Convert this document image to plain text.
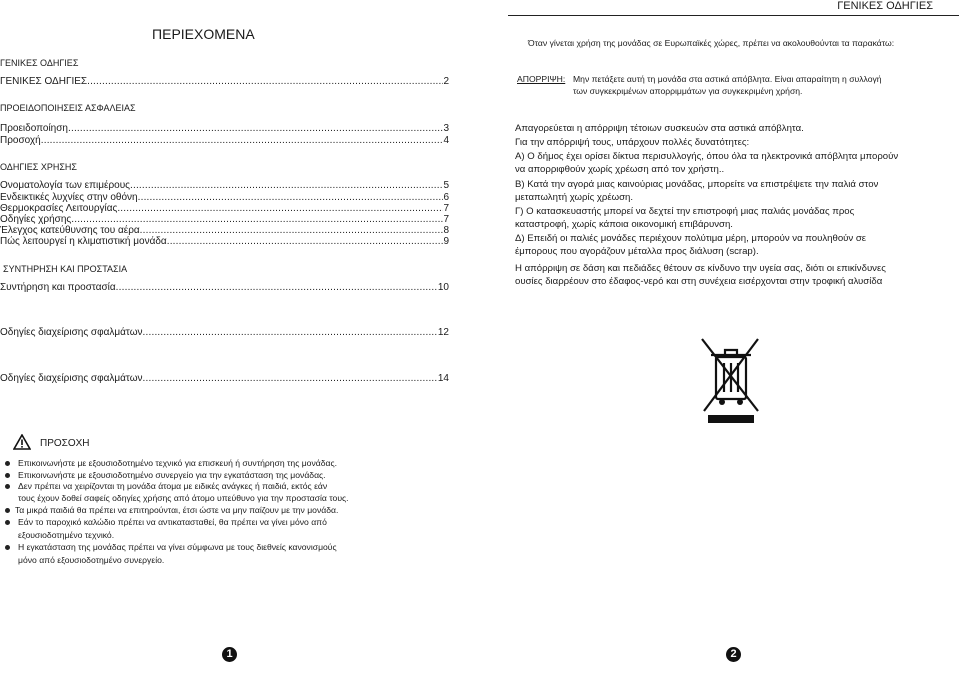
ΠΕΡΙΕΧΟΜΕΝΑ
ΓΕΝΙΚΕΣ ΟΔΗΓΙΕΣ
ΓΕΝΙΚΕΣ ΟΔΗΓΙΕΣ .....	2
ΠΡΟΕΙΔΟΠΟΙΗΣΕΙΣ ΑΣΦΑΛΕΙΑΣ
Προειδοποίηση .....	3
Προσοχή .....	4
ΟΔΗΓΙΕΣ ΧΡΗΣΗΣ
Ονοματολογία των επιμέρους .....	5
Ενδεικτικές λυχνίες στην οθόνη .....	6
Θερμοκρασίες Λειτουργίας .....	7
Οδηγίες χρήσης .....	7
Έλεγχος κατεύθυνσης του αέρα .....	8
Πώς λειτουργεί η κλιματιστική μονάδα .....	9
ΣΥΝΤΗΡΗΣΗ ΚΑΙ ΠΡΟΣΤΑΣΙΑ
Συντήρηση και προστασία .....	10
Οδηγίες διαχείρισης σφαλμάτων .....	12
Οδηγίες διαχείρισης σφαλμάτων .....	14
ΠΡΟΣΟΧΗ
Επικοινωνήστε με εξουσιοδοτημένο τεχνικό για επισκευή ή συντήρηση της μονάδας.
Επικοινωνήστε με εξουσιοδοτημένο συνεργείο για την εγκατάσταση της μονάδας.
Δεν πρέπει να χειρίζονται τη μονάδα άτομα με ειδικές ανάγκες ή παιδιά, εκτός εάν
τους έχουν δοθεί σαφείς οδηγίες χρήσης από άτομο υπεύθυνο για την προστασία τους.
Τα μικρά παιδιά θα πρέπει να επιτηρούνται, έτσι ώστε να μην παίζουν με την μονάδα.
Εάν το παροχικό καλώδιο πρέπει να αντικατασταθεί, θα πρέπει να γίνει μόνο από
εξουσιοδοτημένο τεχνικό.
Η εγκατάσταση της μονάδας πρέπει να γίνει σύμφωνα με τους διεθνείς κανονισμούς
μόνο από εξουσιοδοτημένο συνεργείο.
1
ΓΕΝΙΚΕΣ ΟΔΗΓΙΕΣ
Όταν γίνεται χρήση της μονάδας σε Ευρωπαϊκές χώρες, πρέπει να ακολουθούνται τα παρακάτω:
ΑΠΟΡΡΙΨΗ: Μην πετάξετε αυτή τη μονάδα στα αστικά απόβλητα. Είναι απαραίτητη η συλλογή
των συγκεκριμένων απορριμμάτων για συγκεκριμένη χρήση.
Απαγορεύεται η απόρριψη τέτοιων συσκευών στα αστικά απόβλητα.
Για την απόρριψή τους, υπάρχουν πολλές δυνατότητες:
Α) Ο δήμος έχει ορίσει δίκτυα περισυλλογής, όπου όλα τα ηλεκτρονικά απόβλητα μπορούν
να απορριφθούν χωρίς χρέωση από τον χρήστη..
Β) Κατά την αγορά μιας καινούριας μονάδας, μπορείτε να επιστρέψετε την παλιά στον
μεταπωλητή χωρίς χρέωση.
Γ) Ο κατασκευαστής μπορεί να δεχτεί την επιστροφή μιας παλιάς μονάδας προς
καταστροφή, χωρίς κάποια οικονομική επιβάρυνση.
Δ) Επειδή οι παλιές μονάδες περιέχουν πολύτιμα μέρη, μπορούν να πουληθούν σε
έμπορους που αγοράζουν μέταλλα προς διάλυση (scrap).
Η απόρριψη σε δάση και πεδιάδες θέτουν σε κίνδυνο την υγεία σας, διότι οι επικίνδυνες
ουσίες διαρρέουν στο έδαφος-νερό και στη συνέχεια εισέρχονται στην τροφική αλυσίδα
2
